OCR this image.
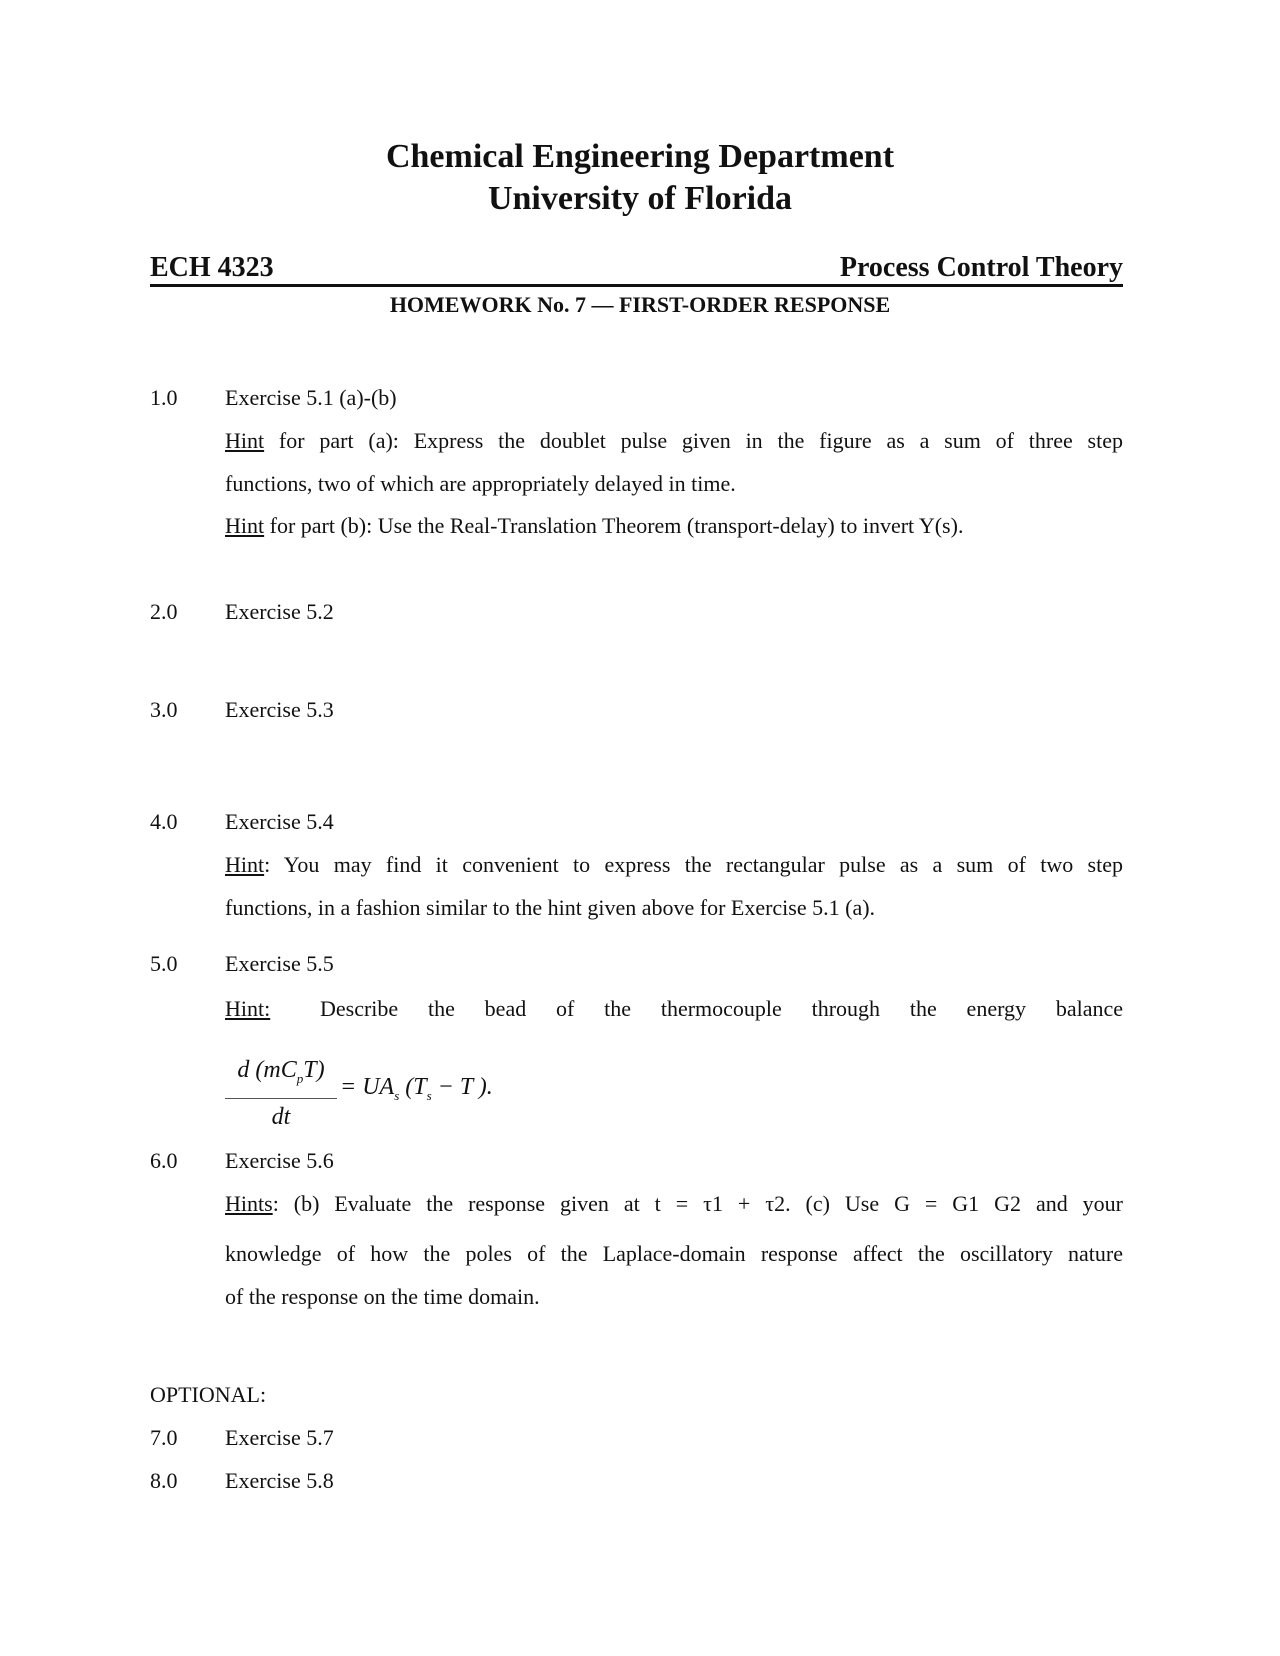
Chemical Engineering Department
University of Florida
ECH 4323	Process Control Theory
HOMEWORK No. 7 — FIRST-ORDER RESPONSE
1.0 Exercise 5.1 (a)-(b)
Hint for part (a): Express the doublet pulse given in the figure as a sum of three step
functions, two of which are appropriately delayed in time.
Hint for part (b): Use the Real-Translation Theorem (transport-delay) to invert Y(s).
2.0 Exercise 5.2
3.0 Exercise 5.3
4.0 Exercise 5.4
Hint: You may find it convenient to express the rectangular pulse as a sum of two step
functions, in a fashion similar to the hint given above for Exercise 5.1 (a).
5.0 Exercise 5.5
Hint: Describe the bead of the thermocouple through the energy balance
d $(mC_pT)$
dt
= $UA_s$ ($T_s - T$ ).
6.0 Exercise 5.6
Hints: (b) Evaluate the response given at t = τ1 + τ2. (c) Use G = G1 G2 and your
knowledge of how the poles of the Laplace-domain response affect the oscillatory nature
of the response on the time domain.
OPTIONAL:
7.0 Exercise 5.7
8.0 Exercise 5.8
